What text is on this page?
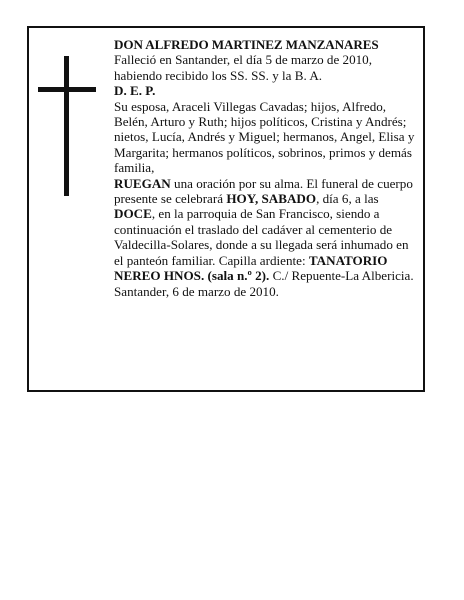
DON ALFREDO MARTINEZ MANZANARES

Falleció en Santander, el día 5 de marzo de 2010, habiendo recibido los SS. SS. y la B. A.

D. E. P.

Su esposa, Araceli Villegas Cavadas; hijos, Alfredo, Belén, Arturo y Ruth; hijos políticos, Cristina y Andrés; nietos, Lucía, Andrés y Miguel; hermanos, Angel, Elisa y Margarita; hermanos políticos, sobrinos, primos y demás familia,

RUEGAN una oración por su alma. El funeral de cuerpo presente se celebrará HOY, SABADO, día 6, a las DOCE, en la parroquia de San Francisco, siendo a continuación el traslado del cadáver al cementerio de Valdecilla-Solares, donde a su llegada será inhumado en el panteón familiar. Capilla ardiente: TANATORIO NEREO HNOS. (sala n.º 2). C./ Repuente-La Albericia.

Santander, 6 de marzo de 2010.
